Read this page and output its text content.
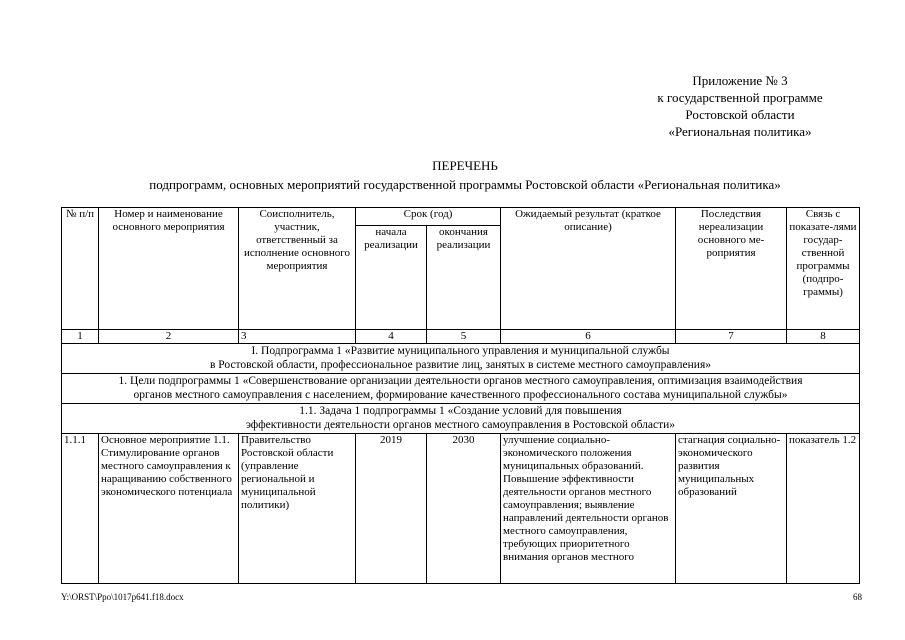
Приложение № 3
к государственной программе
Ростовской области
«Региональная политика»
ПЕРЕЧЕНЬ
подпрограмм, основных мероприятий государственной программы Ростовской области «Региональная политика»
№ п/п	Номер и наименование основного мероприятия	Соисполнитель, участник, ответственный за исполнение основного мероприятия	Срок (год)		Ожидаемый результат (краткое описание)	Последствия нереализации основного ме-роприятия	Связь с показате-лями государ-ственной программы (подпро-граммы)
			начала реализации	окончания реализации			
1	2	3	4	5	6	7	8

I. Подпрограмма 1 «Развитие муниципального управления и муниципальной службы
в Ростовской области, профессиональное развитие лиц, занятых в системе местного самоуправления»							

1. Цели подпрограммы 1 «Совершенствование организации деятельности органов местного самоуправления, оптимизация взаимодействия
органов местного самоуправления с населением, формирование качественного профессионального состава муниципальной службы»							

1.1. Задача 1 подпрограммы 1 «Создание условий для повышения
эффективности деятельности органов местного самоуправления в Ростовской области»							

1.1.1	Основное мероприятие 1.1. Стимулирование органов местного самоуправления к наращиванию собственного экономического потенциала	Правительство Ростовской области (управление региональной и муниципальной политики)	2019	2030	улучшение социально-экономического положения муниципальных образований. Повышение эффективности деятельности органов местного самоуправления; выявление направлений деятельности органов местного самоуправления, требующих приоритетного внимания органов местного	стагнация социально-экономического развития муниципальных образований	показатель 1.2
Y:\ORST\Ppo\1017p641.f18.docx	68
